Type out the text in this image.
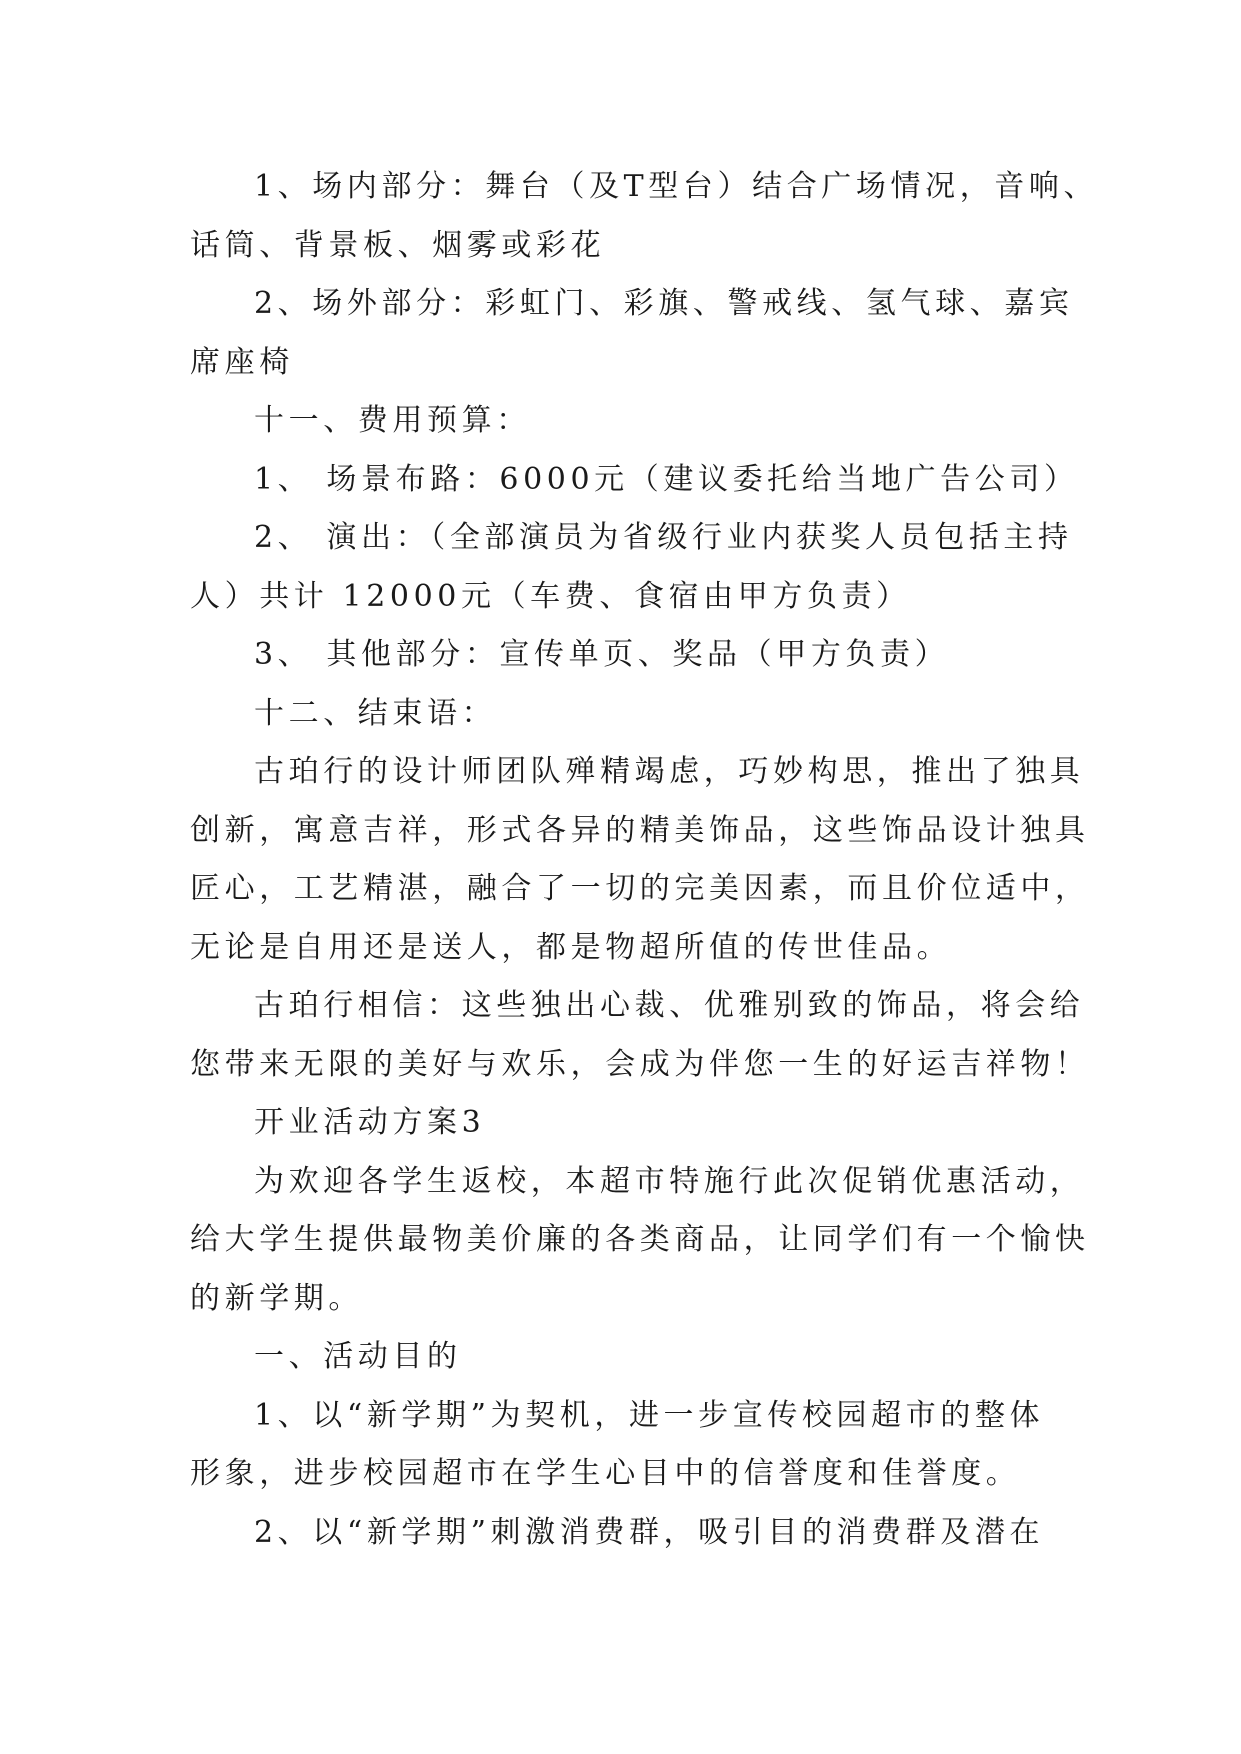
1、场内部分：舞台（及T型台）结合广场情况，音响、
话筒、背景板、烟雾或彩花
2、场外部分：彩虹门、彩旗、警戒线、氢气球、嘉宾
席座椅
十一、费用预算：
1、 场景布路：6000元（建议委托给当地广告公司）
2、 演出：（全部演员为省级行业内获奖人员包括主持
人）共计 12000元（车费、食宿由甲方负责）
3、 其他部分：宣传单页、奖品（甲方负责）
十二、结束语：
古珀行的设计师团队殚精竭虑，巧妙构思，推出了独具
创新，寓意吉祥，形式各异的精美饰品，这些饰品设计独具
匠心，工艺精湛，融合了一切的完美因素，而且价位适中，
无论是自用还是送人，都是物超所值的传世佳品。
古珀行相信：这些独出心裁、优雅别致的饰品，将会给
您带来无限的美好与欢乐，会成为伴您一生的好运吉祥物！
开业活动方案3
为欢迎各学生返校，本超市特施行此次促销优惠活动，
给大学生提供最物美价廉的各类商品，让同学们有一个愉快
的新学期。
一、活动目的
1、以“新学期”为契机，进一步宣传校园超市的整体
形象，进步校园超市在学生心目中的信誉度和佳誉度。
2、以“新学期”刺激消费群，吸引目的消费群及潜在
